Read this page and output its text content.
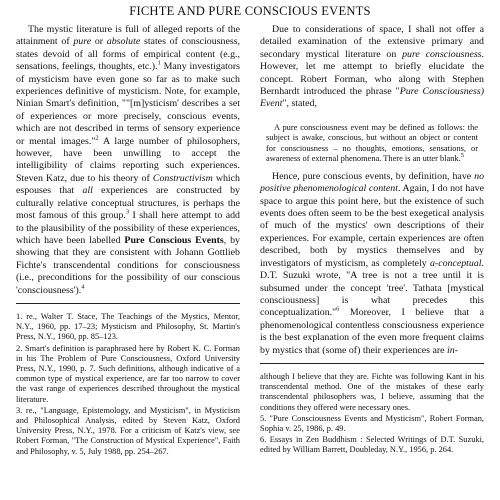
FICHTE AND PURE CONSCIOUS EVENTS

The mystic literature is full of alleged reports of the attainment of pure or absolute states of consciousness, states devoid of all forms of empirical content (e.g., sensations, feelings, thoughts, etc.).$^1$ Many investigators of mysticism have even gone so far as to make such experiences definitive of mysticism. Note, for example, Ninian Smart's definition, ""[m]ysticism' describes a set of experiences or more precisely, conscious events, which are not described in terms of sensory experience or mental images."$^2$ A large number of philosophers, however, have been unwilling to accept the intelligibility of claims reporting such experiences. Steven Katz, due to his theory of Constructivism which espouses that all experiences are constructed by culturally relative conceptual structures, is perhaps the most famous of this group.$^3$ I shall here attempt to add to the plausibility of the possibility of these experiences, which have been labelled Pure Conscious Events, by showing that they are consistent with Johann Gottlieb Fichte's transcendental conditions for consciousness (i.e., preconditions for the possibility of our conscious 'consciousness').$^4$

1. re., Walter T. Stace, The Teachings of the Mystics, Mentor, N.Y., 1960, pp. 17–23; Mysticism and Philosophy, St. Martin's Press, N.Y., 1960, pp. 85–123.

2. Smart's definition is paraphrased here by Robert K. C. Forman in his The Problem of Pure Consciousness, Oxford University Press, N.Y., 1990, p. 7. Such definitions, although indicative of a common type of mystical experience, are far too narrow to cover the vast range of experiences described throughout the mystical literature.

3. re., "Language, Epistemology, and Mysticism", in Mysticism and Philosophical Analysis, edited by Steven Katz, Oxford University Press, N.Y., 1978. For a criticism of Katz's view, see Robert Forman, "The Construction of Mystical Experience", Faith and Philosophy, v. 5, July 1988, pp. 254–267.

Due to considerations of space, I shall not offer a detailed examination of the extensive primary and secondary mystical literature on pure consciousness. However, let me attempt to briefly elucidate the concept. Robert Forman, who along with Stephen Bernhardt introduced the phrase "Pure Consciousness) Event", stated,

A pure consciousness event may be defined as follows: the subject is awake, conscious, but without an object or content for consciousness – no thoughts, emotions, sensations, or awareness of external phenomena. There is an utter blank.$^5$

Hence, pure conscious events, by definition, have no positive phenomenological content. Again, I do not have space to argue this point here, but the existence of such events does often seem to be the best exegetical analysis of much of the mystics' own descriptions of their experiences. For example, certain experiences are often described, both by mystics themselves and by investigators of mysticism, as completely a-conceptual. D.T. Suzuki wrote, "A tree is not a tree until it is subsumed under the concept 'tree'. Tathata [mystical consciousness] is what precedes this conceptualization."$^6$ Moreover, I believe that a phenomenological contentless consciousness experience is the best explanation of the even more frequent claims by mystics that (some of) their experiences are in-

although I believe that they are. Fichte was following Kant in his transcendental method. One of the mistakes of these early transcendental philosophers was, I believe, assuming that the conditions they offered were necessary ones.

5. "Pure Consciousness Events and Mysticism", Robert Forman, Sophia v. 25, 1986, p. 49.

6. Essays in Zen Buddhism : Selected Writings of D.T. Suzuki, edited by William Barrett, Doubleday, N.Y., 1956, p. 264.
